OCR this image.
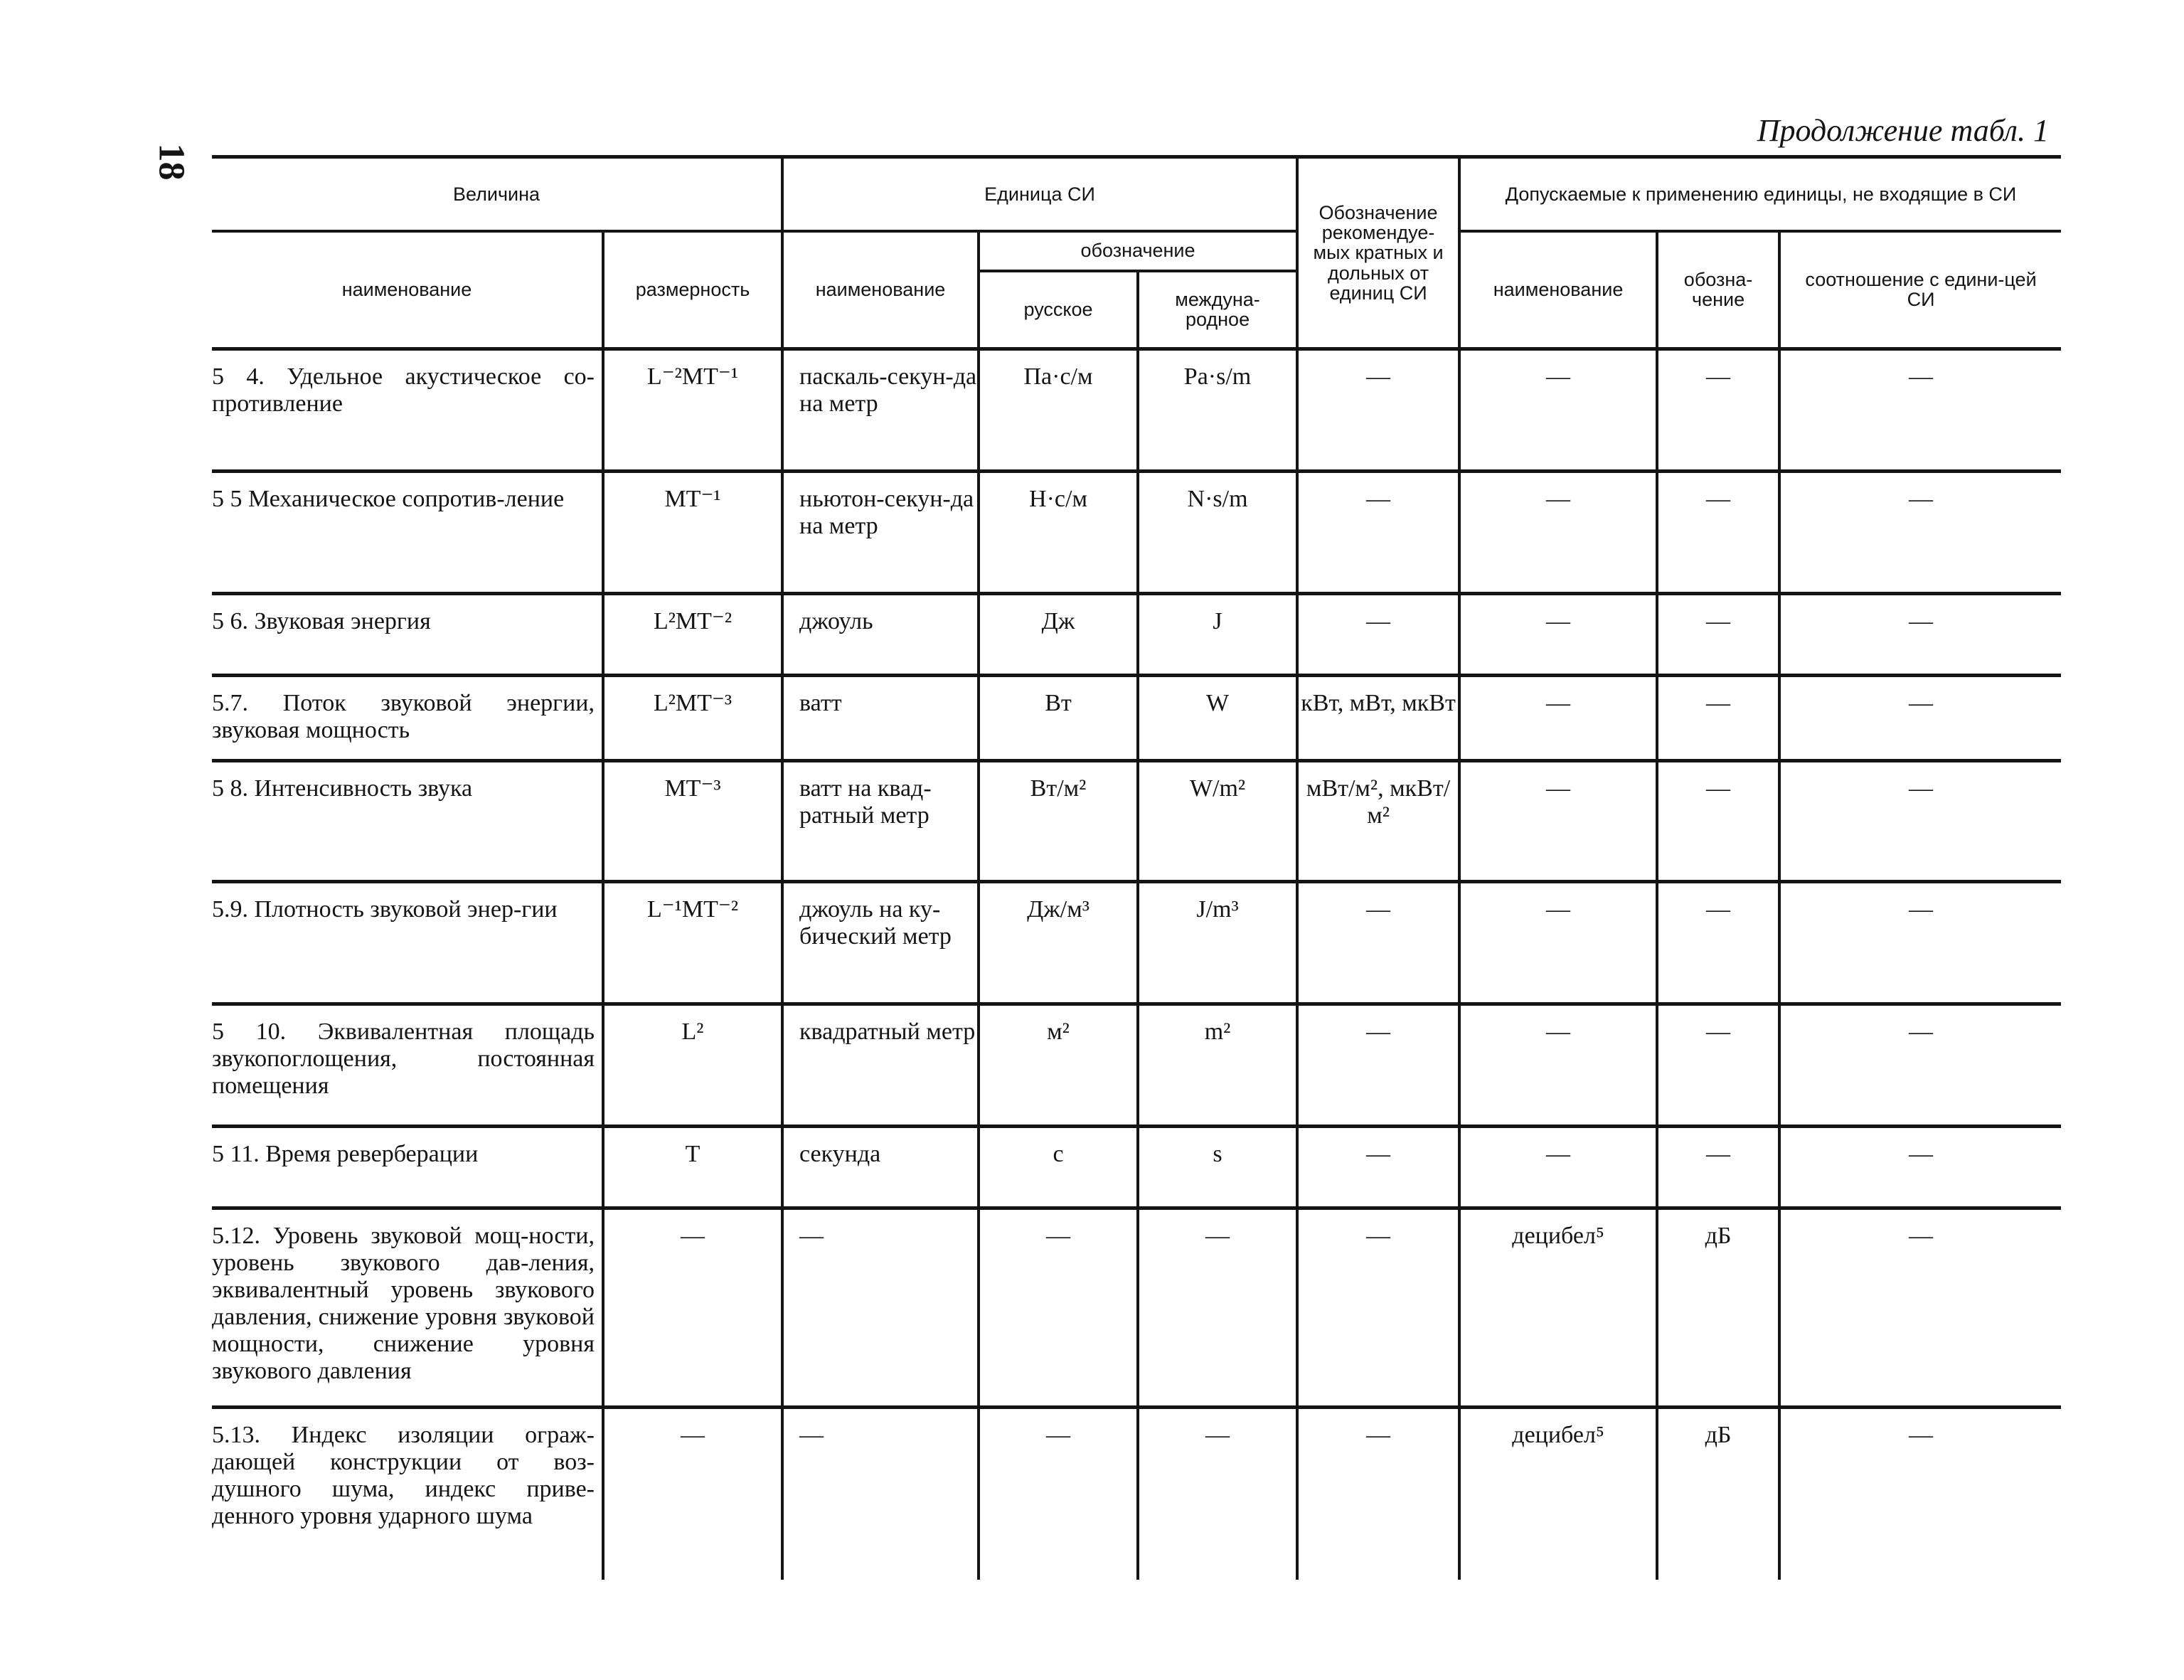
18
Продолжение табл. 1
Величина		Единица СИ			Обозначение рекомендуе-мых кратных и дольных от единиц СИ	Допускаемые к применению единицы, не входящие в СИ		
наименование	размерность	наименование	обозначение			наименование	обозна-чение	соотношение с едини-цей СИ
			русское	междуна-родное				
5 4. Удельное акустическое со-противление	L⁻²MT⁻¹	паскаль-секун-да на метр	Па·с/м	Pa·s/m	—	—	—	—
5 5 Механическое сопротив-ление	MT⁻¹	ньютон-секун-да на метр	Н·с/м	N·s/m	—	—	—	—
5 6. Звуковая энергия	L²MT⁻²	джоуль	Дж	J	—	—	—	—
5.7. Поток звуковой энергии, звуковая мощность	L²MT⁻³	ватт	Вт	W	кВт, мВт, мкВт	—	—	—
5 8. Интенсивность звука	MT⁻³	ватт на квад-ратный метр	Вт/м²	W/m²	мВт/м², мкВт/м²	—	—	—
5.9. Плотность звуковой энер-гии	L⁻¹MT⁻²	джоуль на ку-бический метр	Дж/м³	J/m³	—	—	—	—
5 10. Эквивалентная площадь звукопоглощения, постоянная помещения	L²	квадратный метр	м²	m²	—	—	—	—
5 11. Время реверберации	T	секунда	с	s	—	—	—	—
5.12. Уровень звуковой мощ-ности, уровень звукового дав-ления, эквивалентный уровень звукового давления, снижение уровня звуковой мощности, снижение уровня звукового давления	—	—	—	—	—	децибел⁵	дБ	—
5.13. Индекс изоляции ограж-дающей конструкции от воз-душного шума, индекс приве-денного уровня ударного шума	—	—	—	—	—	децибел⁵	дБ	—
